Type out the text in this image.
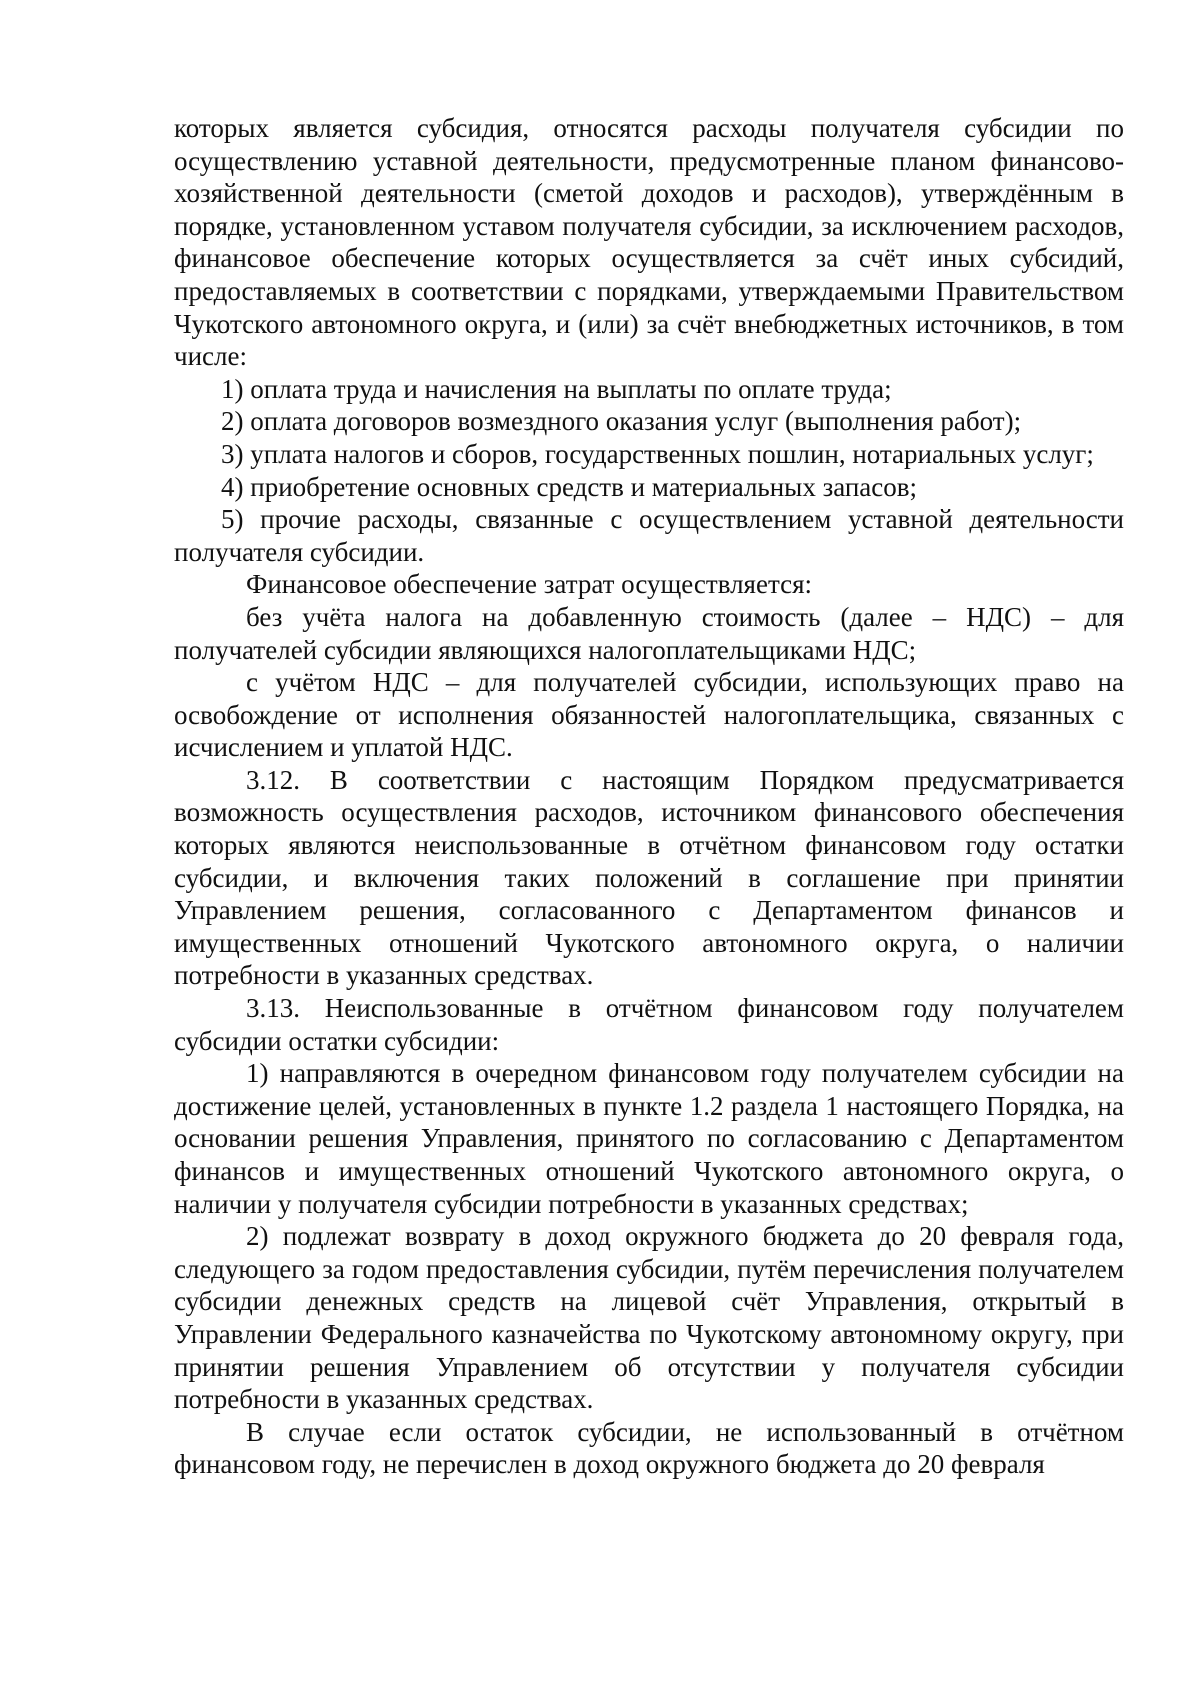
которых является субсидия, относятся расходы получателя субсидии по осуществлению уставной деятельности, предусмотренные планом финансово-хозяйственной деятельности (сметой доходов и расходов), утверждённым в порядке, установленном уставом получателя субсидии, за исключением расходов, финансовое обеспечение которых осуществляется за счёт иных субсидий, предоставляемых в соответствии с порядками, утверждаемыми Правительством Чукотского автономного округа, и (или) за счёт внебюджетных источников, в том числе:

1) оплата труда и начисления на выплаты по оплате труда;

2) оплата договоров возмездного оказания услуг (выполнения работ);

3) уплата налогов и сборов, государственных пошлин, нотариальных услуг;

4) приобретение основных средств и материальных запасов;

5) прочие расходы, связанные с осуществлением уставной деятельности получателя субсидии.

Финансовое обеспечение затрат осуществляется:

без учёта налога на добавленную стоимость (далее – НДС) – для получателей субсидии являющихся налогоплательщиками НДС;

с учётом НДС – для получателей субсидии, использующих право на освобождение от исполнения обязанностей налогоплательщика, связанных с исчислением и уплатой НДС.

3.12. В соответствии с настоящим Порядком предусматривается возможность осуществления расходов, источником финансового обеспечения которых являются неиспользованные в отчётном финансовом году остатки субсидии, и включения таких положений в соглашение при принятии Управлением решения, согласованного с Департаментом финансов и имущественных отношений Чукотского автономного округа, о наличии потребности в указанных средствах.

3.13. Неиспользованные в отчётном финансовом году получателем субсидии остатки субсидии:

1) направляются в очередном финансовом году получателем субсидии на достижение целей, установленных в пункте 1.2 раздела 1 настоящего Порядка, на основании решения Управления, принятого по согласованию с Департаментом финансов и имущественных отношений Чукотского автономного округа, о наличии у получателя субсидии потребности в указанных средствах;

2) подлежат возврату в доход окружного бюджета до 20 февраля года, следующего за годом предоставления субсидии, путём перечисления получателем субсидии денежных средств на лицевой счёт Управления, открытый в Управлении Федерального казначейства по Чукотскому автономному округу, при принятии решения Управлением об отсутствии у получателя субсидии потребности в указанных средствах.

В случае если остаток субсидии, не использованный в отчётном финансовом году, не перечислен в доход окружного бюджета до 20 февраля
